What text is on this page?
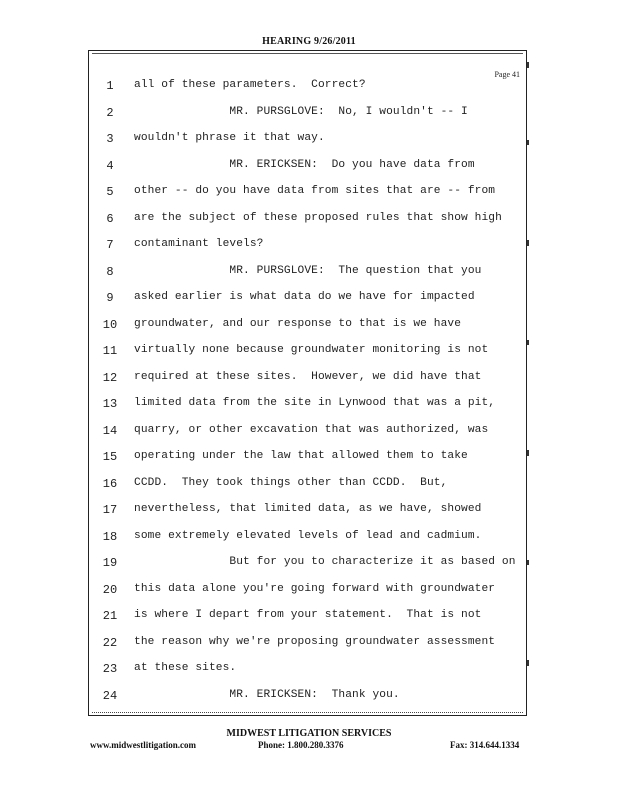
HEARING 9/26/2011
Page 41
1	all of these parameters.  Correct?
2	MR. PURSGLOVE:  No, I wouldn't -- I
3	wouldn't phrase it that way.
4	MR. ERICKSEN:  Do you have data from
5	other -- do you have data from sites that are -- from
6	are the subject of these proposed rules that show high
7	contaminant levels?
8	MR. PURSGLOVE:  The question that you
9	asked earlier is what data do we have for impacted
10	groundwater, and our response to that is we have
11	virtually none because groundwater monitoring is not
12	required at these sites.  However, we did have that
13	limited data from the site in Lynwood that was a pit,
14	quarry, or other excavation that was authorized, was
15	operating under the law that allowed them to take
16	CCDD.  They took things other than CCDD.  But,
17	nevertheless, that limited data, as we have, showed
18	some extremely elevated levels of lead and cadmium.
19	But for you to characterize it as based on
20	this data alone you're going forward with groundwater
21	is where I depart from your statement.  That is not
22	the reason why we're proposing groundwater assessment
23	at these sites.
24	MR. ERICKSEN:  Thank you.
MIDWEST LITIGATION SERVICES
www.midwestlitigation.com	Phone: 1.800.280.3376	Fax: 314.644.1334
